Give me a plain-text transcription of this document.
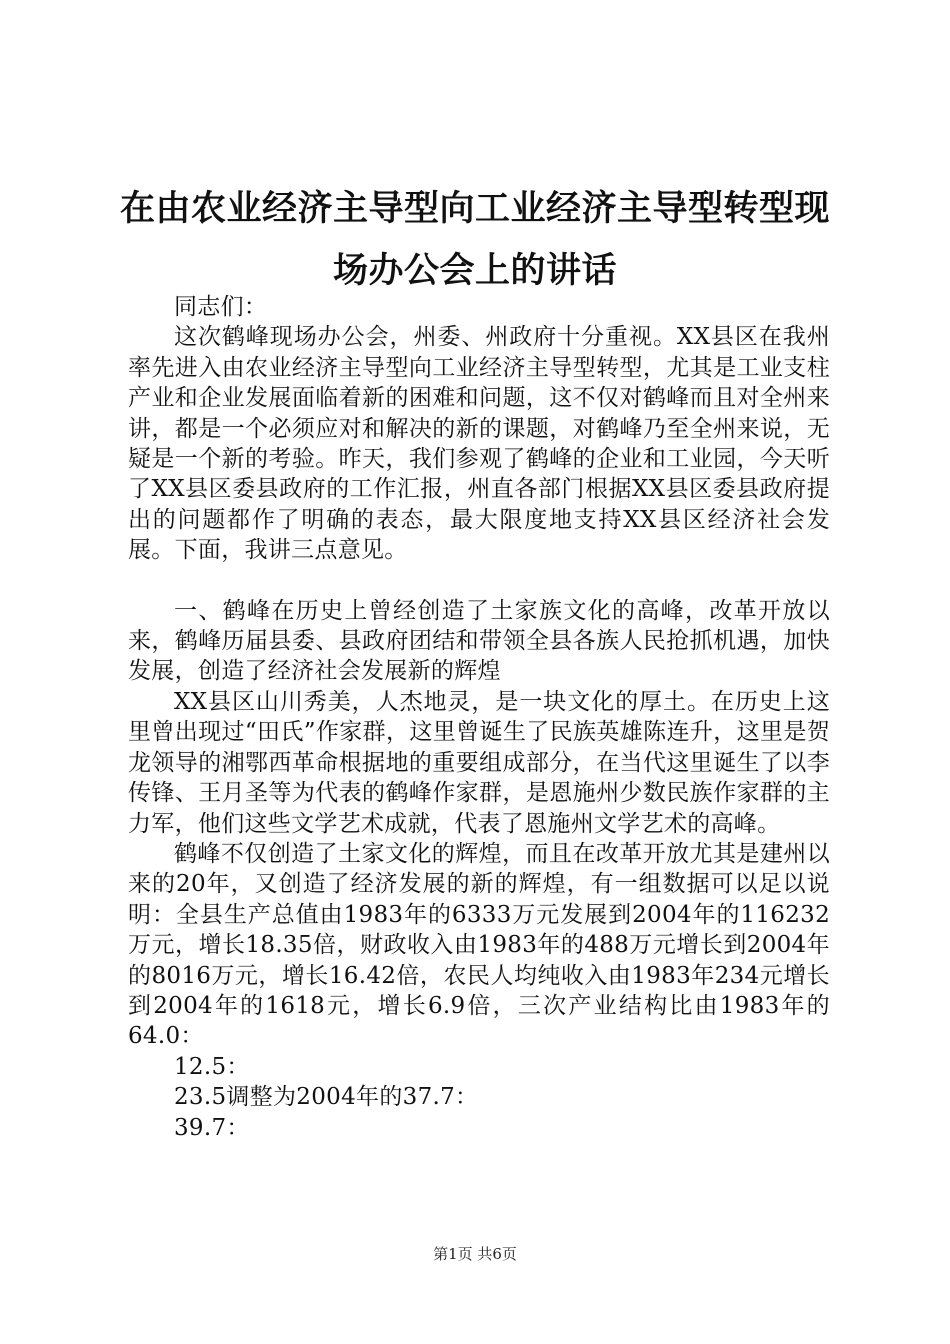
在由农业经济主导型向工业经济主导型转型现
场办公会上的讲话

同志们：

这次鹤峰现场办公会，州委、州政府十分重视。XX县区在我州率先进入由农业经济主导型向工业经济主导型转型，尤其是工业支柱产业和企业发展面临着新的困难和问题，这不仅对鹤峰而且对全州来讲，都是一个必须应对和解决的新的课题，对鹤峰乃至全州来说，无疑是一个新的考验。昨天，我们参观了鹤峰的企业和工业园，今天听了XX县区委县政府的工作汇报，州直各部门根据XX县区委县政府提出的问题都作了明确的表态，最大限度地支持XX县区经济社会发展。下面，我讲三点意见。

一、鹤峰在历史上曾经创造了土家族文化的高峰，改革开放以来，鹤峰历届县委、县政府团结和带领全县各族人民抢抓机遇，加快发展，创造了经济社会发展新的辉煌

XX县区山川秀美，人杰地灵，是一块文化的厚土。在历史上这里曾出现过“田氏”作家群，这里曾诞生了民族英雄陈连升，这里是贺龙领导的湘鄂西革命根据地的重要组成部分，在当代这里诞生了以李传锋、王月圣等为代表的鹤峰作家群，是恩施州少数民族作家群的主力军，他们这些文学艺术成就，代表了恩施州文学艺术的高峰。

鹤峰不仅创造了土家文化的辉煌，而且在改革开放尤其是建州以来的20年，又创造了经济发展的新的辉煌，有一组数据可以足以说明：全县生产总值由1983年的6333万元发展到2004年的116232万元，增长18.35倍，财政收入由1983年的488万元增长到2004年的8016万元，增长16.42倍，农民人均纯收入由1983年234元增长到2004年的1618元，增长6.9倍，三次产业结构比由1983年的64.0：

12.5：

23.5调整为2004年的37.7：

39.7：

第1页 共6页
